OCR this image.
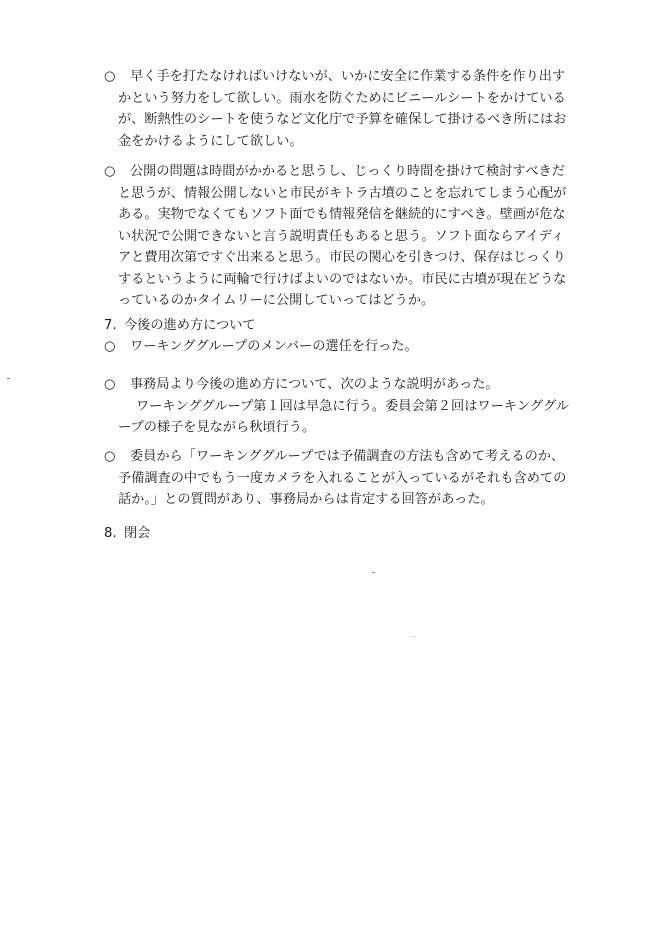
○ 早く手を打たなければいけないが、いかに安全に作業する条件を作り出す
かという努力をして欲しい。雨水を防ぐためにビニールシートをかけている
が、断熱性のシートを使うなど文化庁で予算を確保して掛けるべき所にはお
金をかけるようにして欲しい。
○ 公開の問題は時間がかかると思うし、じっくり時間を掛けて検討すべきだ
と思うが、情報公開しないと市民がキトラ古墳のことを忘れてしまう心配が
ある。実物でなくてもソフト面でも情報発信を継続的にすべき。壁画が危な
い状況で公開できないと言う説明責任もあると思う。ソフト面ならアイディ
アと費用次第ですぐ出来ると思う。市民の関心を引きつけ、保存はじっくり
するというように両輪で行けばよいのではないか。市民に古墳が現在どうな
っているのかタイムリーに公開していってはどうか。
7. 今後の進め方について
○ ワーキンググループのメンバーの選任を行った。
○ 事務局より今後の進め方について、次のような説明があった。
ワーキンググループ第１回は早急に行う。委員会第２回はワーキンググル
ープの様子を見ながら秋頃行う。
○ 委員から「ワーキンググループでは予備調査の方法も含めて考えるのか、
予備調査の中でもう一度カメラを入れることが入っているがそれも含めての
話か。」との質問があり、事務局からは肯定する回答があった。
8. 閉会
